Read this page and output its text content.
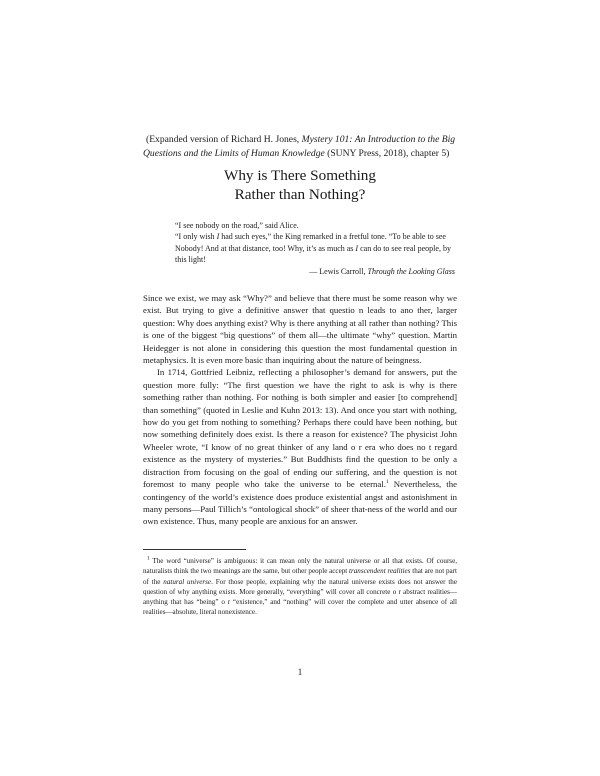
(Expanded version of Richard H. Jones, Mystery 101: An Introduction to the Big Questions and the Limits of Human Knowledge (SUNY Press, 2018), chapter 5)
Why is There Something
Rather than Nothing?

“I see nobody on the road,” said Alice.

“I only wish I had such eyes,” the King remarked in a fretful tone. “To be able to see Nobody! And at that distance, too! Why, it’s as much as I can do to see real people, by this light!

— Lewis Carroll, Through the Looking Glass

Since we exist, we may ask “Why?” and believe that there must be some reason why we exist. But trying to give a definitive answer that questio n leads to ano ther, larger question: Why does anything exist? Why is there anything at all rather than nothing? This is one of the biggest “big questions” of them all—the ultimate “why” question. Martin Heidegger is not alone in considering this question the most fundamental question in metaphysics. It is even more basic than inquiring about the nature of beingness.

In 1714, Gottfried Leibniz, reflecting a philosopher’s demand for answers, put the question more fully: “The first question we have the right to ask is why is there something rather than nothing. For nothing is both simpler and easier [to comprehend] than something” (quoted in Leslie and Kuhn 2013: 13). And once you start with nothing, how do you get from nothing to something? Perhaps there could have been nothing, but now something definitely does exist. Is there a reason for existence? The physicist John Wheeler wrote, “I know of no great thinker of any land o r era who does no t regard existence as the mystery of mysteries.” But Buddhists find the question to be only a distraction from focusing on the goal of ending our suffering, and the question is not foremost to many people who take the universe to be eternal.$^1$ Nevertheless, the contingency of the world’s existence does produce existential angst and astonishment in many persons—Paul Tillich’s “ontological shock” of sheer that-ness of the world and our own existence. Thus, many people are anxious for an answer.

$^1$ The word “universe” is ambiguous: it can mean only the natural universe or all that exists. Of course, naturalists think the two meanings are the same, but other people accept transcendent realities that are not part of the natural universe. For those people, explaining why the natural universe exists does not answer the question of why anything exists. More generally, “everything” will cover all concrete o r abstract realities—anything that has “being” o r “existence,” and “nothing” will cover the complete and utter absence of all realities—absolute, literal nonexistence.

1
